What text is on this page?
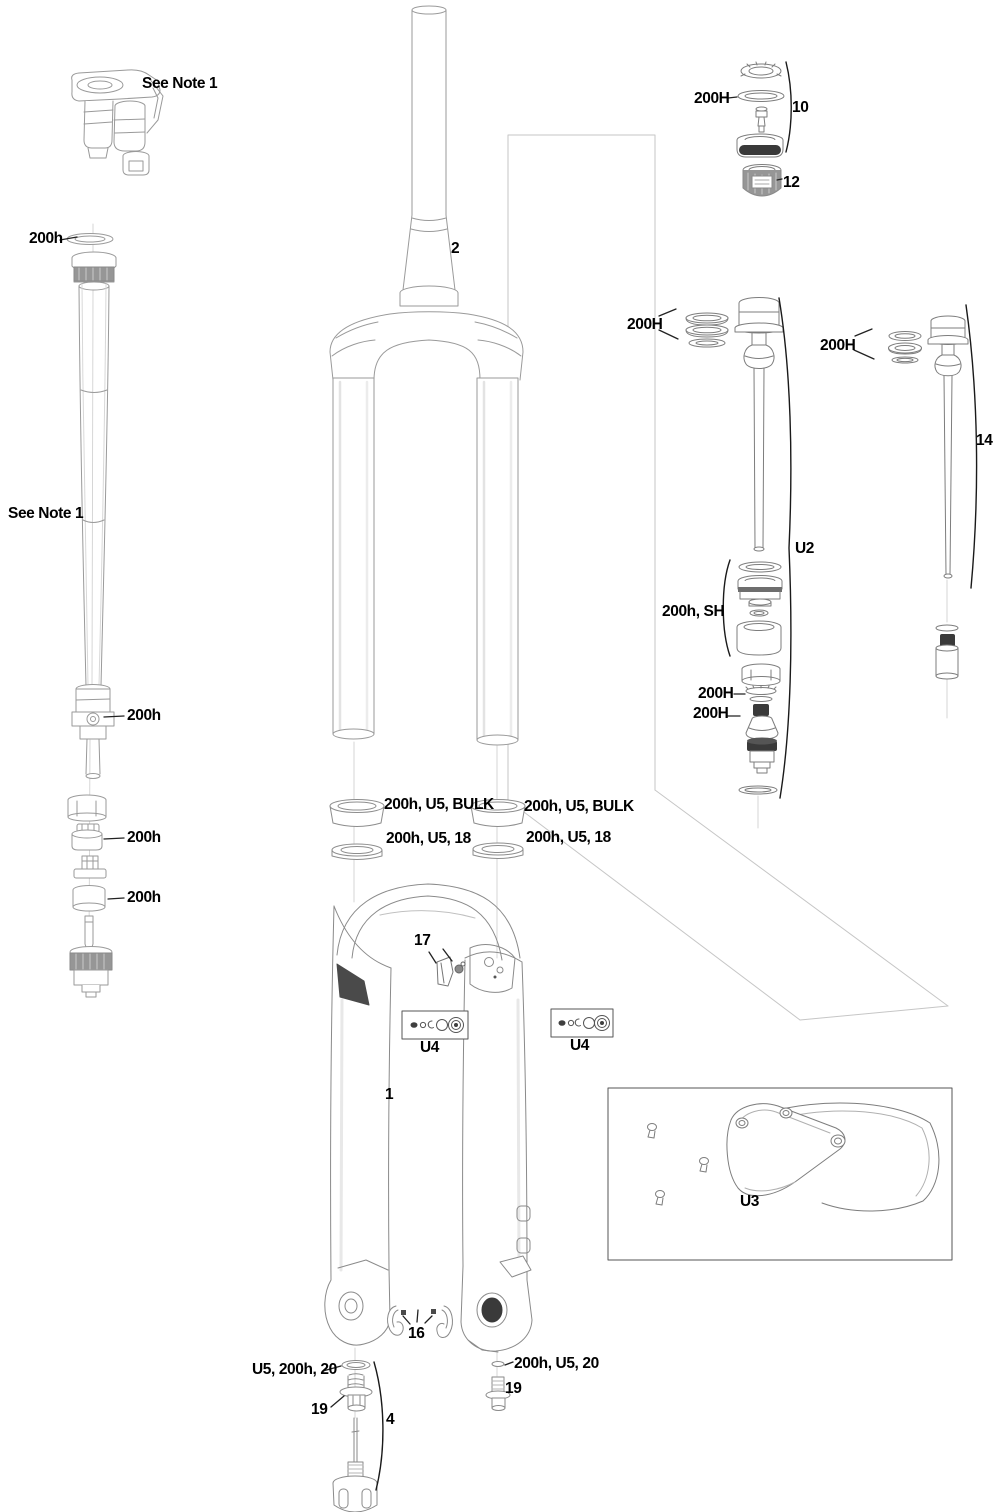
See Note 1
200h
2
200H
10
12
200H
200H
14
See Note 1
U2
200h, SH
200H
200H
200h
200h
200h
200h, U5, BULK
200h, U5, 18
200h, U5, BULK
200h, U5, 18
17
U4	U4
1
U3
16
U5, 200h, 20	200h, U5, 20
19
19
4
